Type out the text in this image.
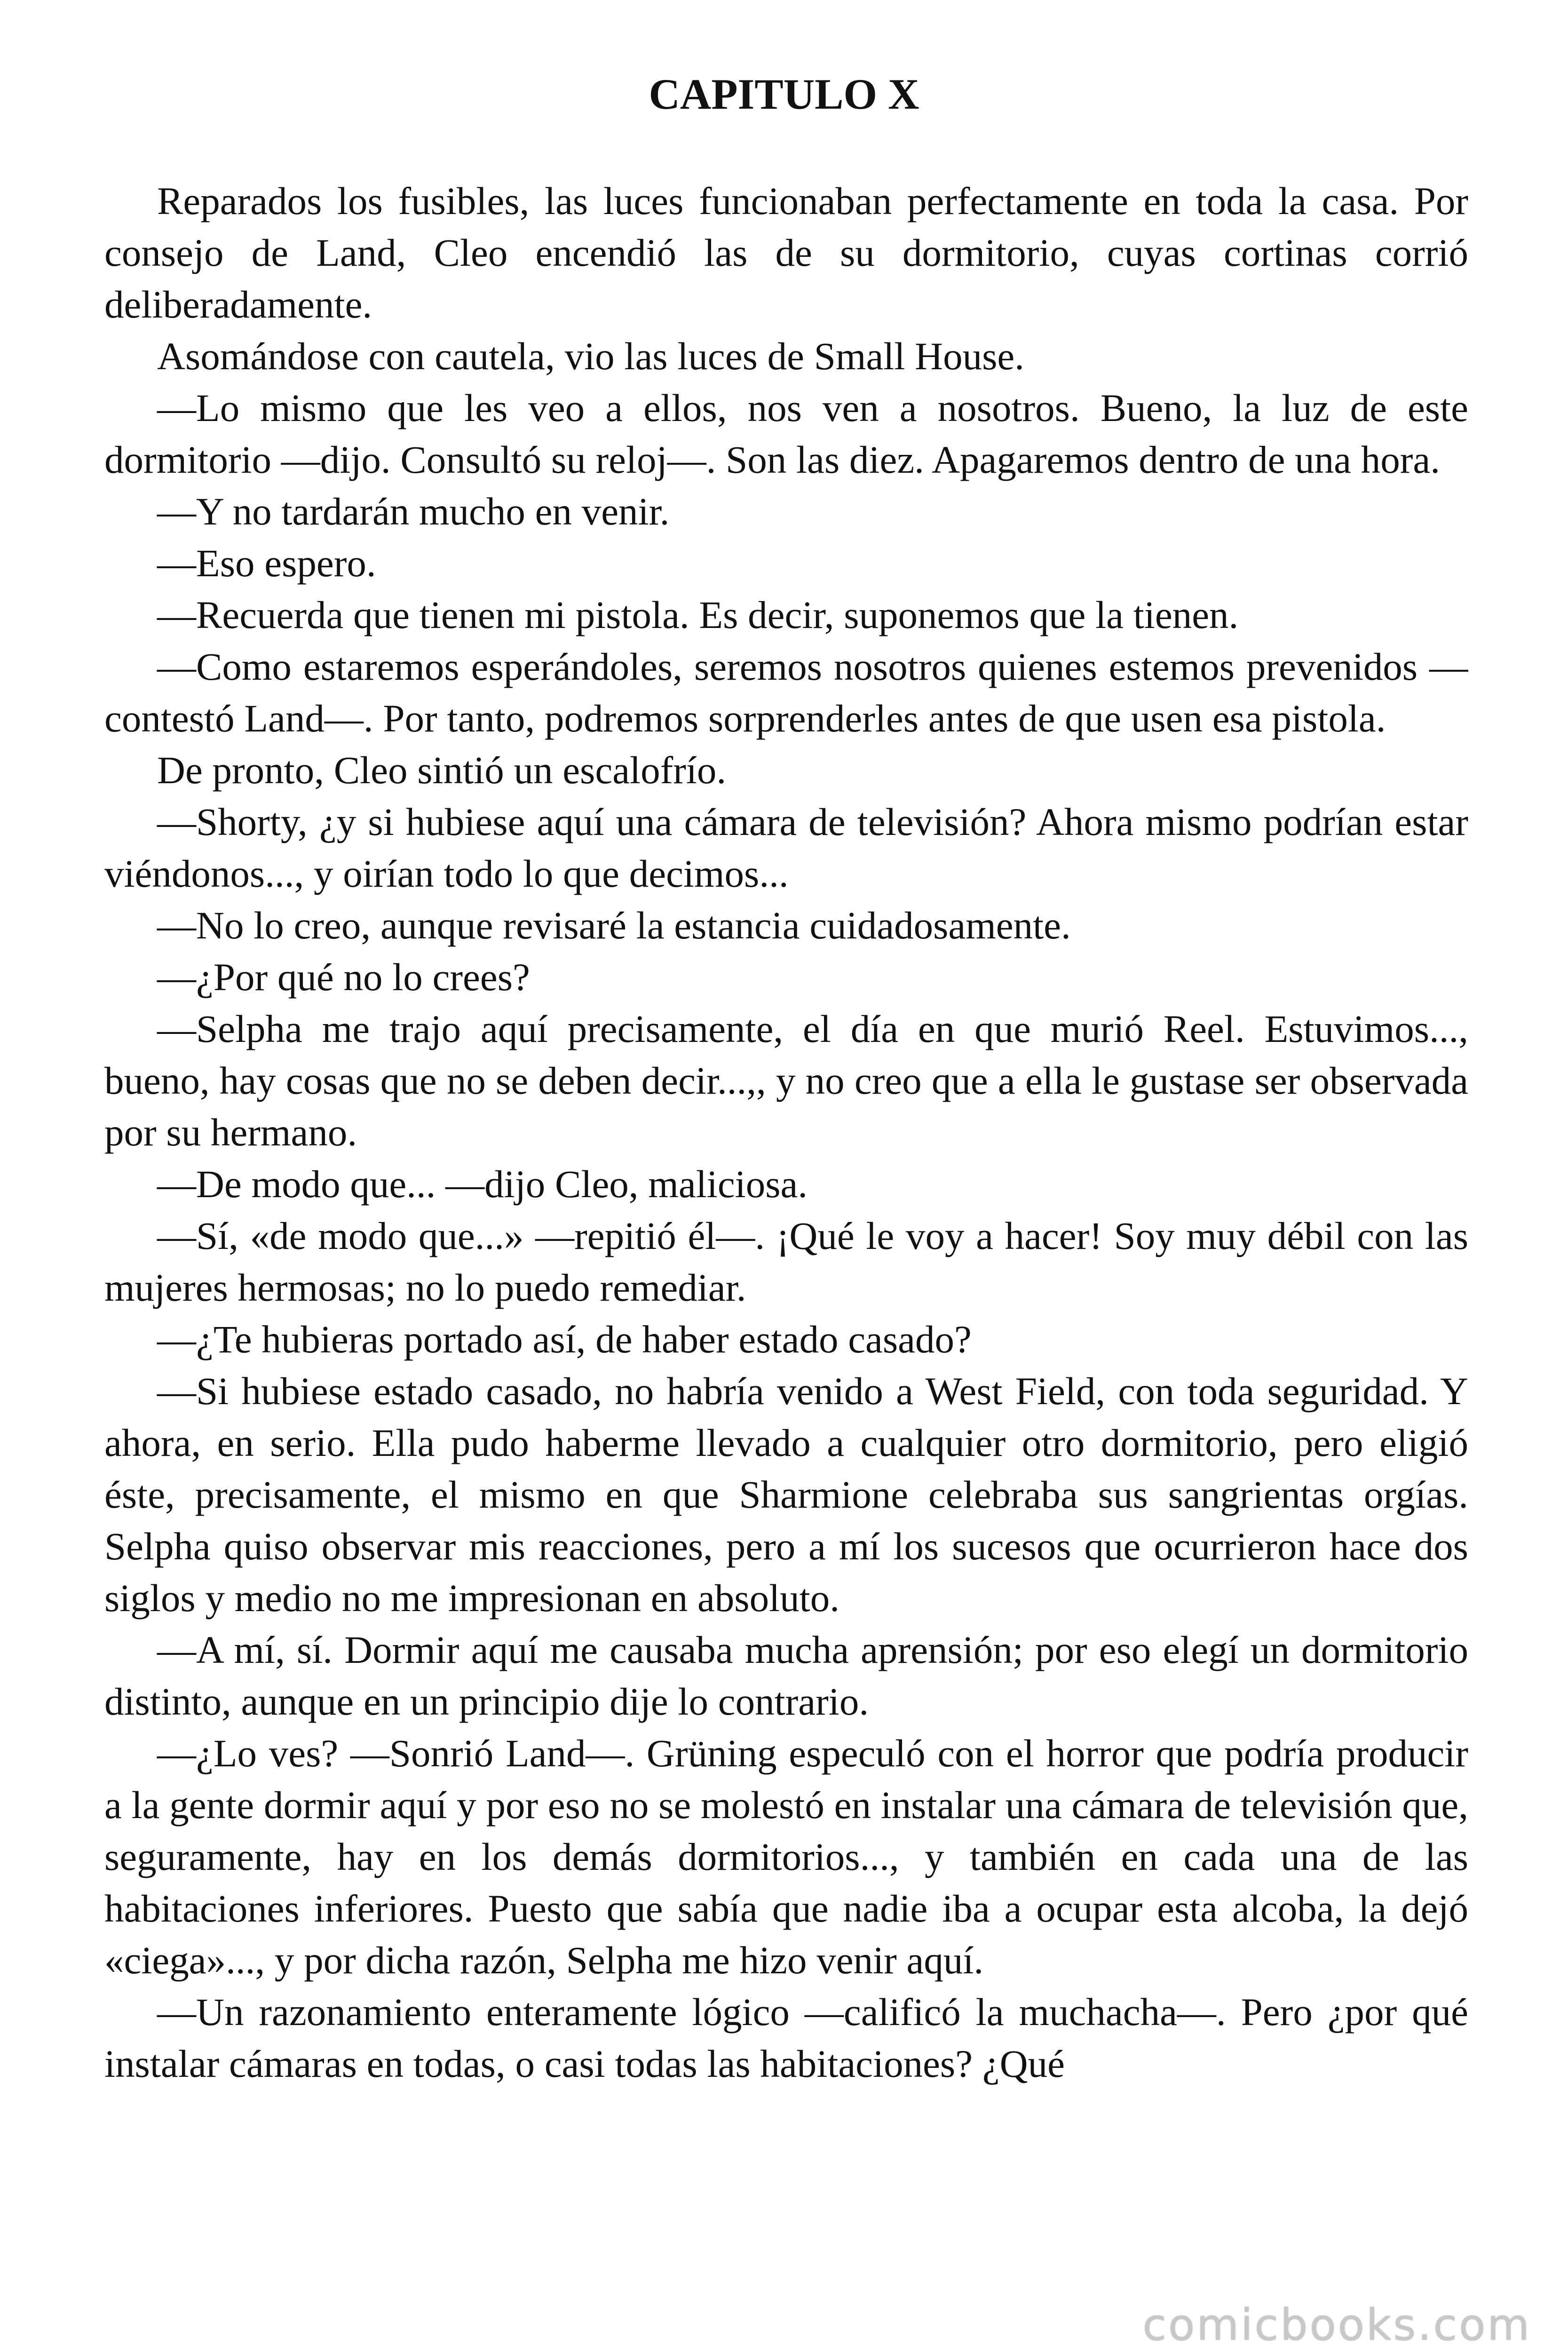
CAPITULO X

Reparados los fusibles, las luces funcionaban perfectamente en toda la casa. Por consejo de Land, Cleo encendió las de su dormitorio, cuyas cortinas corrió deliberadamente.

Asomándose con cautela, vio las luces de Small House.

—Lo mismo que les veo a ellos, nos ven a nosotros. Bueno, la luz de este dormitorio —dijo. Consultó su reloj—. Son las diez. Apagaremos dentro de una hora.

—Y no tardarán mucho en venir.

—Eso espero.

—Recuerda que tienen mi pistola. Es decir, suponemos que la tienen.

—Como estaremos esperándoles, seremos nosotros quienes estemos prevenidos —contestó Land—. Por tanto, podremos sorprenderles antes de que usen esa pistola.

De pronto, Cleo sintió un escalofrío.

—Shorty, ¿y si hubiese aquí una cámara de televisión? Ahora mismo podrían estar viéndonos..., y oirían todo lo que decimos...

—No lo creo, aunque revisaré la estancia cuidadosamente.

—¿Por qué no lo crees?

—Selpha me trajo aquí precisamente, el día en que murió Reel. Estuvimos..., bueno, hay cosas que no se deben decir...,, y no creo que a ella le gustase ser observada por su hermano.

—De modo que... —dijo Cleo, maliciosa.

—Sí, «de modo que...» —repitió él—. ¡Qué le voy a hacer! Soy muy débil con las mujeres hermosas; no lo puedo remediar.

—¿Te hubieras portado así, de haber estado casado?

—Si hubiese estado casado, no habría venido a West Field, con toda seguridad. Y ahora, en serio. Ella pudo haberme llevado a cualquier otro dormitorio, pero eligió éste, precisamente, el mismo en que Sharmione celebraba sus sangrientas orgías. Selpha quiso observar mis reacciones, pero a mí los sucesos que ocurrieron hace dos siglos y medio no me impresionan en absoluto.

—A mí, sí. Dormir aquí me causaba mucha aprensión; por eso elegí un dormitorio distinto, aunque en un principio dije lo contrario.

—¿Lo ves? —Sonrió Land—. Grüning especuló con el horror que podría producir a la gente dormir aquí y por eso no se molestó en instalar una cámara de televisión que, seguramente, hay en los demás dormitorios..., y también en cada una de las habitaciones inferiores. Puesto que sabía que nadie iba a ocupar esta alcoba, la dejó «ciega»..., y por dicha razón, Selpha me hizo venir aquí.

—Un razonamiento enteramente lógico —calificó la muchacha—. Pero ¿por qué instalar cámaras en todas, o casi todas las habitaciones? ¿Qué

comicbooks.com
